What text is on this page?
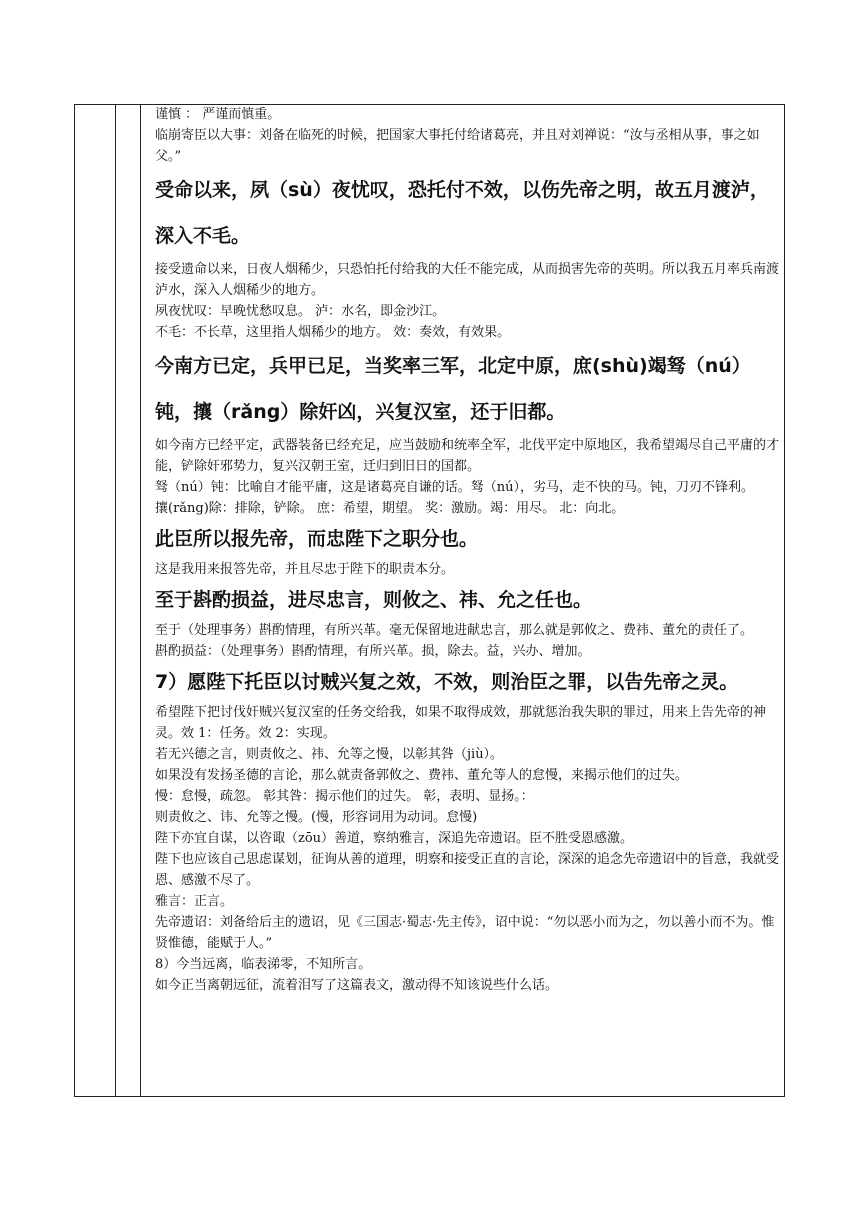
谨慎 ： 严谨而慎重。

临崩寄臣以大事：刘备在临死的时候，把国家大事托付给诸葛亮，并且对刘禅说：“汝与丞相从事，事之如父。”

受命以来，夙（sù）夜忧叹，恐托付不效，以伤先帝之明，故五月渡泸，深入不毛。

接受遗命以来，日夜人烟稀少，只恐怕托付给我的大任不能完成，从而损害先帝的英明。所以我五月率兵南渡泸水，深入人烟稀少的地方。

夙夜忧叹：早晚忧愁叹息。 泸：水名，即金沙江。

不毛：不长草，这里指人烟稀少的地方。 效：奏效，有效果。

今南方已定，兵甲已足，当奖率三军，北定中原，庶(shù)竭驽（nú）钝，攘（rǎng）除奸凶，兴复汉室，还于旧都。

如今南方已经平定，武器装备已经充足，应当鼓励和统率全军，北伐平定中原地区，我希望竭尽自己平庸的才能，铲除奸邪势力，复兴汉朝王室，迁归到旧日的国都。

驽（nú）钝：比喻自才能平庸，这是诸葛亮自谦的话。驽（nú），劣马，走不快的马。钝，刀刃不锋利。

攘(rǎng)除：排除，铲除。 庶：希望，期望。 奖：激励。竭：用尽。 北：向北。

此臣所以报先帝，而忠陛下之职分也。

这是我用来报答先帝，并且尽忠于陛下的职责本分。

至于斟酌损益，进尽忠言，则攸之、祎、允之任也。

至于（处理事务）斟酌情理，有所兴革。毫无保留地进献忠言，那么就是郭攸之、费祎、董允的责任了。

斟酌损益：（处理事务）斟酌情理，有所兴革。损，除去。益，兴办、增加。

7）愿陛下托臣以讨贼兴复之效，不效，则治臣之罪，以告先帝之灵。

希望陛下把讨伐奸贼兴复汉室的任务交给我，如果不取得成效，那就惩治我失职的罪过，用来上告先帝的神灵。效 1：任务。效 2：实现。

若无兴德之言，则责攸之、祎、允等之慢，以彰其咎（jiù）。

如果没有发扬圣德的言论，那么就责备郭攸之、费祎、董允等人的怠慢，来揭示他们的过失。

慢：怠慢，疏忽。 彰其咎：揭示他们的过失。 彰，表明、显扬。：

则责攸之、讳、允等之慢。(慢，形容词用为动词。怠慢)

陛下亦宜自谋，以咨诹（zōu）善道，察纳雅言，深追先帝遗诏。臣不胜受恩感激。

陛下也应该自己思虑谋划，征询从善的道理，明察和接受正直的言论，深深的追念先帝遗诏中的旨意，我就受恩、感激不尽了。

雅言：正言。

先帝遗诏：刘备给后主的遗诏，见《三国志·蜀志·先主传》，诏中说：“勿以恶小而为之，勿以善小而不为。惟贤惟德，能赋于人。”

8）今当远离，临表涕零，不知所言。

如今正当离朝远征，流着泪写了这篇表文，激动得不知该说些什么话。
